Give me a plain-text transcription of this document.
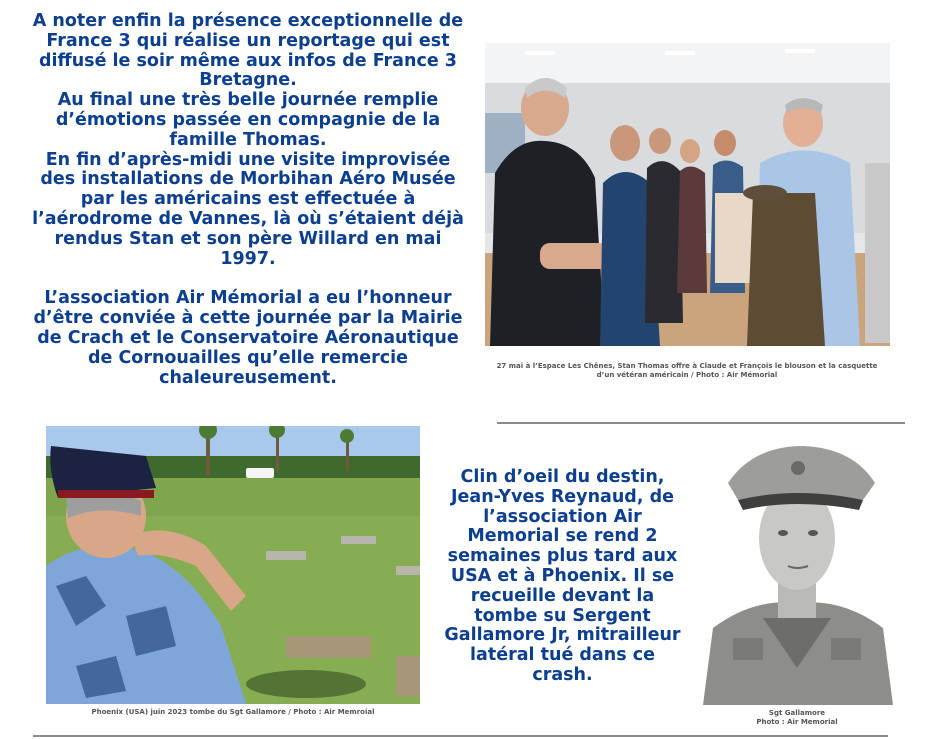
A noter enfin la présence exceptionnelle de France 3 qui réalise un reportage qui est diffusé le soir même aux infos de France 3 Bretagne.

Au final une très belle journée remplie d’émotions passée en compagnie de la famille Thomas.

En fin d’après-midi une visite improvisée des installations de Morbihan Aéro Musée par les américains est effectuée à l’aérodrome de Vannes, là où s’étaient déjà rendus Stan et son père Willard en mai 1997.

L’association Air Mémorial a eu l’honneur d’être conviée à cette journée par la Mairie de Crach et le Conservatoire Aéronautique de Cornouailles qu’elle remercie chaleureusement.

27 mai à l’Espace Les Chênes, Stan Thomas offre à Claude et François le blouson et la casquette
d’un vétéran américain / Photo : Air Mémorial
Phoenix (USA) juin 2023 tombe du Sgt Gallamore / Photo : Air Memroial

Clin d’oeil du destin, Jean-Yves Reynaud, de l’association Air Memorial se rend 2 semaines plus tard aux USA et à Phoenix. Il se recueille devant la tombe su Sergent Gallamore Jr, mitrailleur latéral tué dans ce crash.

Sgt Gallamore
Photo : Air Memorial
